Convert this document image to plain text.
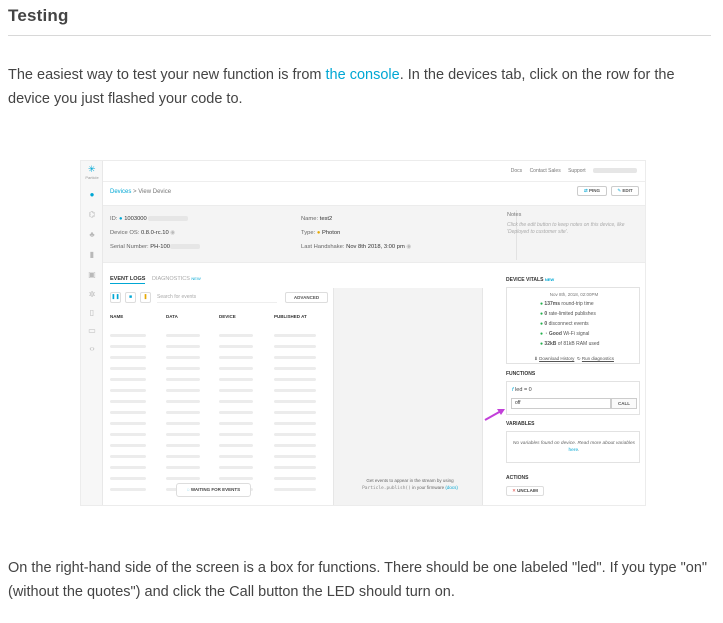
Testing

The easiest way to test your new function is from the console. In the devices tab, click on the row for the device you just flashed your code to.

✳
Particle
●
⌬
♣
▮
▣
✲
▯
▭
‹›
Docs Contact Sales Support
Devices > View Device	⇄ PING	✎ EDIT
ID: ● 1003000
Device OS: 0.8.0-rc.10 ◉
Serial Number: PH-100
Name: test2
Type: ● Photon
Last Handshake: Nov 8th 2018, 3:00 pm ◉
Notes
Click the edit button to keep notes on this device, like 'Deployed to customer site'.
EVENT LOGS DIAGNOSTICS NEW
❚❚	■	❚	Search for events	ADVANCED
NAME	DATA	DEVICE	PUBLISHED AT
Get events to appear in the stream by using
Particle.publish() in your firmware (docs)
◌ WAITING FOR EVENTS
DEVICE VITALS NEW
Nov 8th, 2018, 02:00PM
● 137ms round-trip time
● 0 rate-limited publishes
● 0 disconnect events
● ◔ Good Wi-Fi signal
● 32kB of 81kB RAM used
⬇ Download History ↻ Run diagnostics
FUNCTIONS
f led = 0
off	CALL
VARIABLES
No variables found on device. Read more about variables here.
ACTIONS
✕ UNCLAIM

On the right-hand side of the screen is a box for functions. There should be one labeled "led". If you type "on" (without the quotes") and click the Call button the LED should turn on.
